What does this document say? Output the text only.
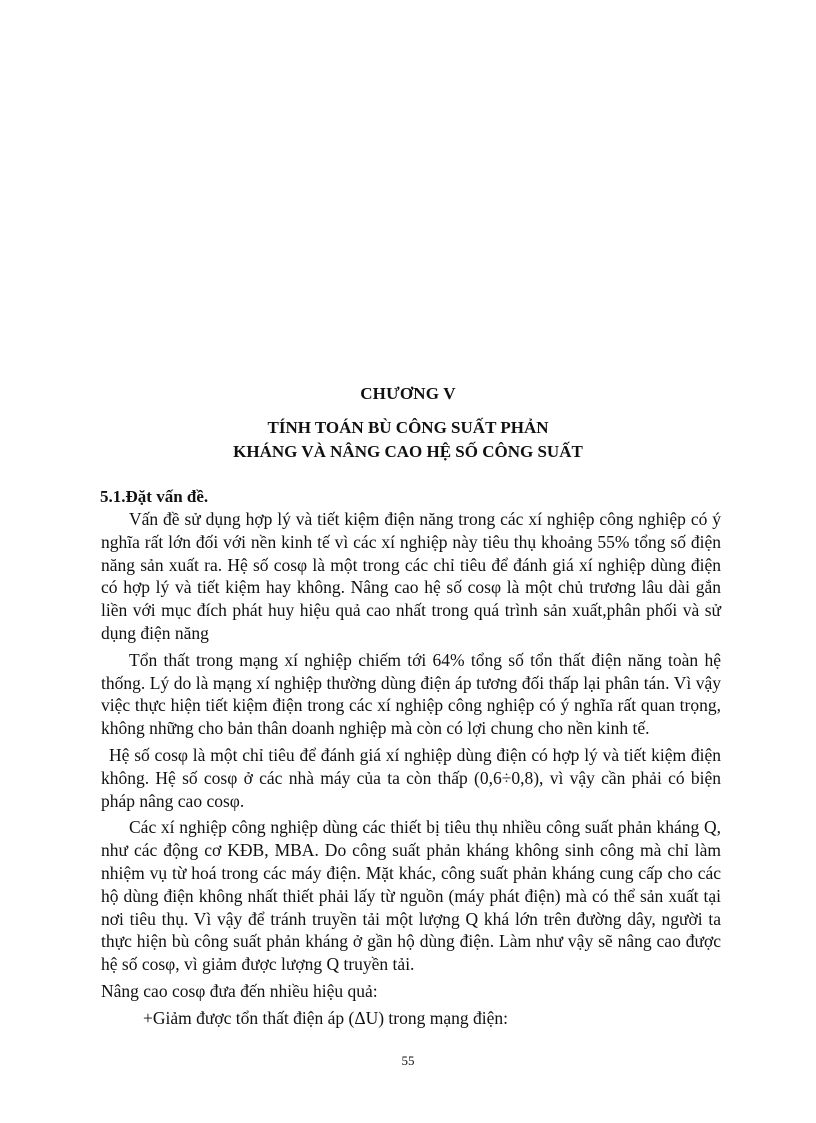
CHƯƠNG V
TÍNH TOÁN BÙ CÔNG SUẤT PHẢN
KHÁNG VÀ NÂNG CAO HỆ SỐ CÔNG SUẤT
5.1.Đặt vấn đề.

Vấn đề sử dụng hợp lý và tiết kiệm điện năng trong các xí nghiệp công nghiệp có ý nghĩa rất lớn đối với nền kinh tế vì các xí nghiệp này tiêu thụ khoảng 55% tổng số điện năng sản xuất ra. Hệ số cosφ là một trong các chỉ tiêu để đánh giá xí nghiệp dùng điện có hợp lý và tiết kiệm hay không. Nâng cao hệ số cosφ là một chủ trương lâu dài gắn liền với mục đích phát huy hiệu quả cao nhất trong quá trình sản xuất,phân phối và sử dụng điện năng

Tổn thất trong mạng xí nghiệp chiếm tới 64% tổng số tổn thất điện năng toàn hệ thống. Lý do là mạng xí nghiệp thường dùng điện áp tương đối thấp lại phân tán. Vì vậy việc thực hiện tiết kiệm điện trong các xí nghiệp công nghiệp có ý nghĩa rất quan trọng, không những cho bản thân doanh nghiệp mà còn có lợi chung cho nền kinh tế.

Hệ số cosφ là một chỉ tiêu để đánh giá xí nghiệp dùng điện có hợp lý và tiết kiệm điện không. Hệ số cosφ ở các nhà máy của ta còn thấp (0,6÷0,8), vì vậy cần phải có biện pháp nâng cao cosφ.

Các xí nghiệp công nghiệp dùng các thiết bị tiêu thụ nhiều công suất phản kháng Q, như các động cơ KĐB, MBA. Do công suất phản kháng không sinh công mà chỉ làm nhiệm vụ từ hoá trong các máy điện. Mặt khác, công suất phản kháng cung cấp cho các hộ dùng điện không nhất thiết phải lấy từ nguồn (máy phát điện) mà có thể sản xuất tại nơi tiêu thụ. Vì vậy để tránh truyền tải một lượng Q khá lớn trên đường dây, người ta thực hiện bù công suất phản kháng ở gần hộ dùng điện. Làm như vậy sẽ nâng cao được hệ số cosφ, vì giảm được lượng Q truyền tải.

Nâng cao cosφ đưa đến nhiều hiệu quả:

+Giảm được tổn thất điện áp (ΔU) trong mạng điện:

55
